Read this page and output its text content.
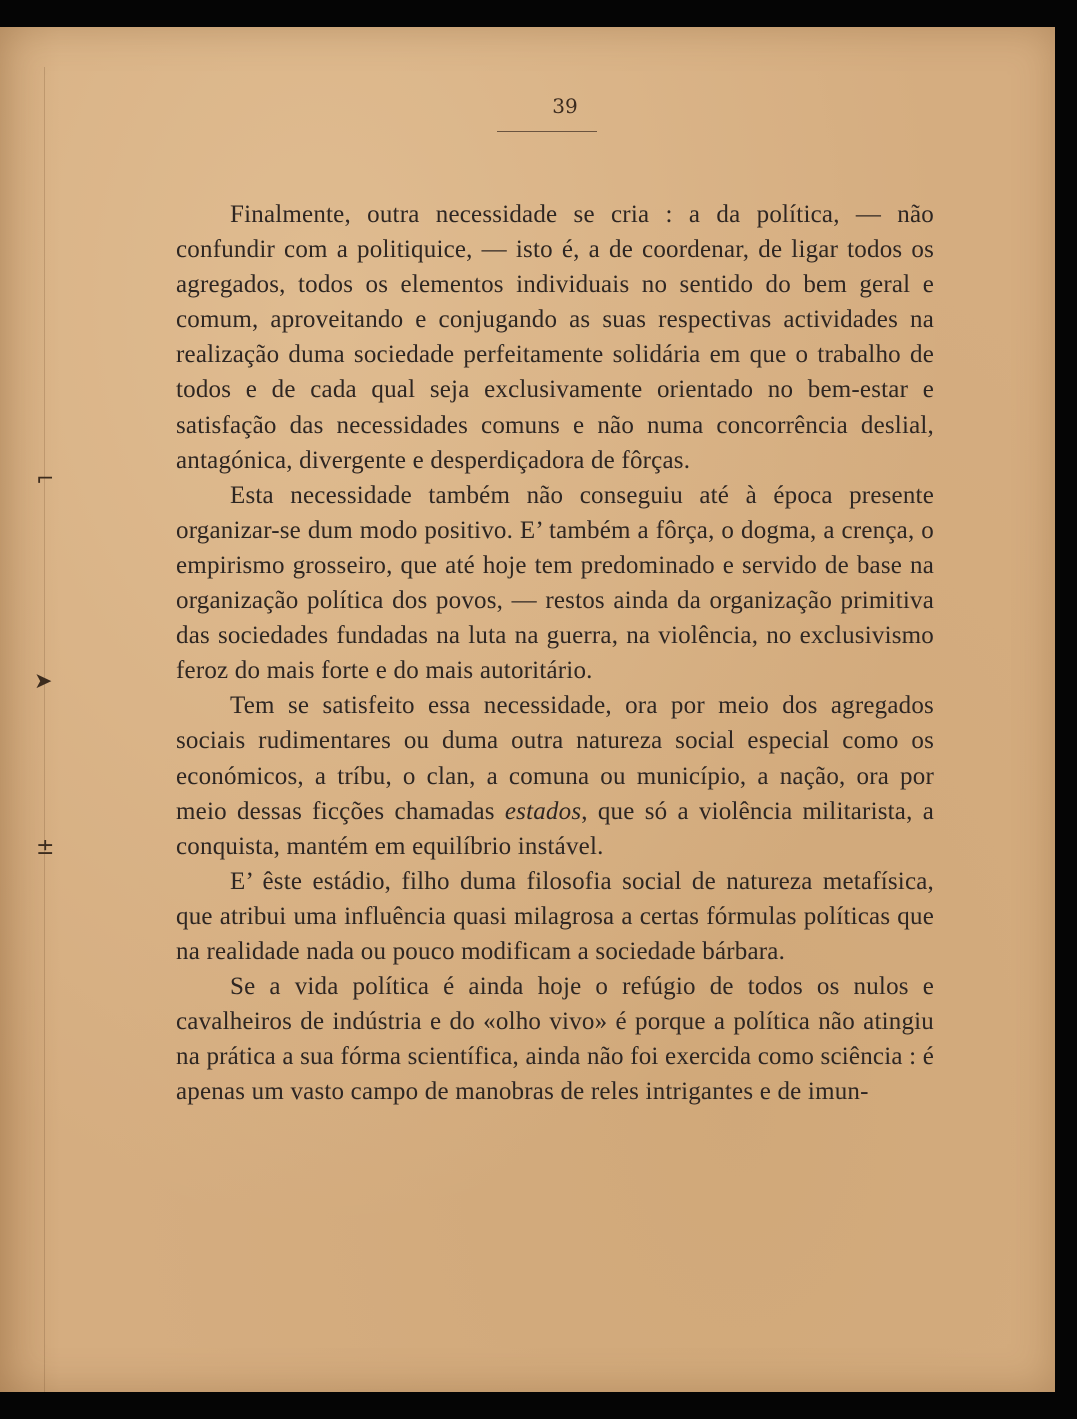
39
⌐
➤
±

Finalmente, outra necessidade se cria : a da política, — não confundir com a politiquice, — isto é, a de coordenar, de ligar todos os agregados, todos os elementos individuais no sentido do bem geral e comum, aproveitando e conjugando as suas respectivas actividades na realização duma sociedade perfeitamente solidária em que o trabalho de todos e de cada qual seja exclusivamente orientado no bem-estar e satisfação das necessidades comuns e não numa concorrência deslial, antagónica, divergente e desperdiçadora de fôrças.

Esta necessidade também não conseguiu até à época presente organizar-se dum modo positivo. E’ também a fôrça, o dogma, a crença, o empirismo grosseiro, que até hoje tem predominado e servido de base na organização política dos povos, — restos ainda da organização primitiva das sociedades fundadas na luta na guerra, na violência, no exclusivismo feroz do mais forte e do mais autoritário.

Tem se satisfeito essa necessidade, ora por meio dos agregados sociais rudimentares ou duma outra natureza social especial como os económicos, a tríbu, o clan, a comuna ou município, a nação, ora por meio dessas ficções chamadas estados, que só a violência militarista, a conquista, mantém em equilíbrio instável.

E’ êste estádio, filho duma filosofia social de natureza metafísica, que atribui uma influência quasi milagrosa a certas fórmulas políticas que na realidade nada ou pouco modificam a sociedade bárbara.

Se a vida política é ainda hoje o refúgio de todos os nulos e cavalheiros de indústria e do «olho vivo» é porque a política não atingiu na prática a sua fórma scientífica, ainda não foi exercida como sciência : é apenas um vasto campo de manobras de reles intrigantes e de imun-
